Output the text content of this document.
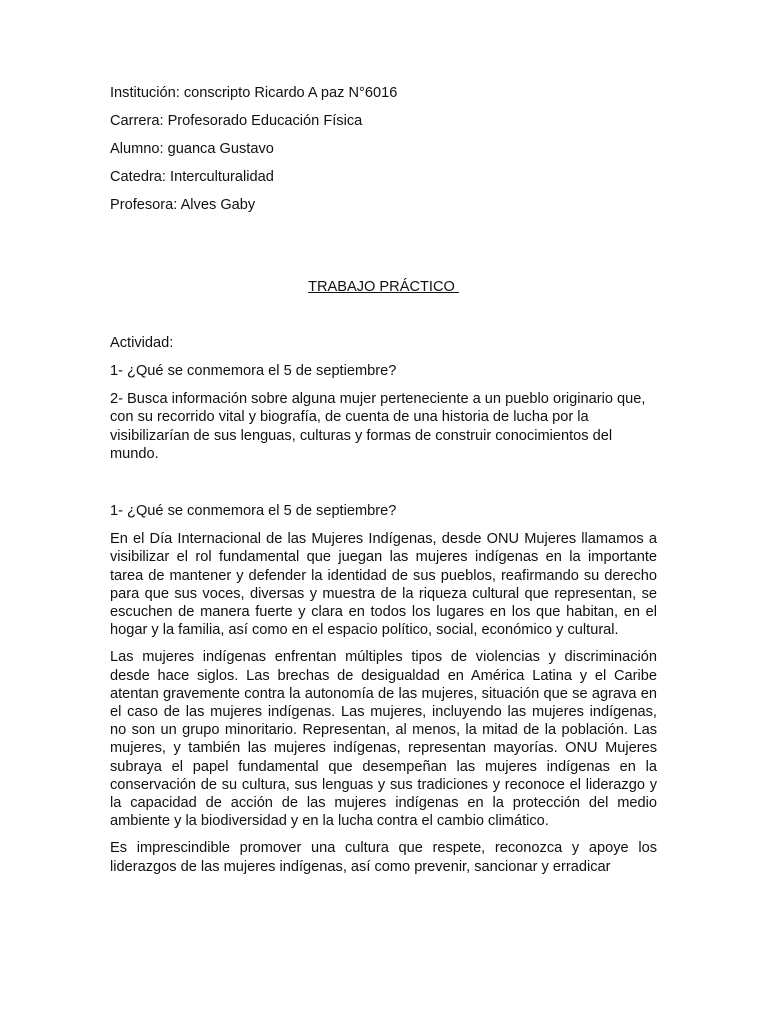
Institución: conscripto Ricardo A paz N°6016
Carrera: Profesorado Educación Física
Alumno: guanca Gustavo
Catedra: Interculturalidad
Profesora: Alves Gaby
TRABAJO PRÁCTICO
Actividad:
1- ¿Qué se conmemora el 5 de septiembre?
2- Busca información sobre alguna mujer perteneciente a un pueblo originario que, con su recorrido vital y biografía, de cuenta de una historia de lucha por la visibilizarían de sus lenguas, culturas y formas de construir conocimientos del mundo.
1- ¿Qué se conmemora el 5 de septiembre?

En el Día Internacional de las Mujeres Indígenas, desde ONU Mujeres llamamos a visibilizar el rol fundamental que juegan las mujeres indígenas en la importante tarea de mantener y defender la identidad de sus pueblos, reafirmando su derecho para que sus voces, diversas y muestra de la riqueza cultural que representan, se escuchen de manera fuerte y clara en todos los lugares en los que habitan, en el hogar y la familia, así como en el espacio político, social, económico y cultural.

Las mujeres indígenas enfrentan múltiples tipos de violencias y discriminación desde hace siglos. Las brechas de desigualdad en América Latina y el Caribe atentan gravemente contra la autonomía de las mujeres, situación que se agrava en el caso de las mujeres indígenas. Las mujeres, incluyendo las mujeres indígenas, no son un grupo minoritario. Representan, al menos, la mitad de la población. Las mujeres, y también las mujeres indígenas, representan mayorías. ONU Mujeres subraya el papel fundamental que desempeñan las mujeres indígenas en la conservación de su cultura, sus lenguas y sus tradiciones y reconoce el liderazgo y la capacidad de acción de las mujeres indígenas en la protección del medio ambiente y la biodiversidad y en la lucha contra el cambio climático.

Es imprescindible promover una cultura que respete, reconozca y apoye los liderazgos de las mujeres indígenas, así como prevenir, sancionar y erradicar
